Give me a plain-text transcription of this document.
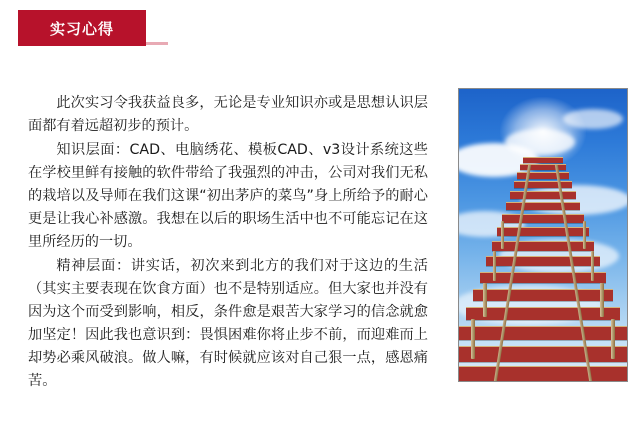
实习心得

此次实习令我获益良多，无论是专业知识亦或是思想认识层面都有着远超初步的预计。

知识层面：CAD、电脑绣花、模板CAD、v3设计系统这些在学校里鲜有接触的软件带给了我强烈的冲击，公司对我们无私的栽培以及导师在我们这课“初出茅庐的菜鸟”身上所给予的耐心更是让我心补感激。我想在以后的职场生活中也不可能忘记在这里所经历的一切。

精神层面：讲实话，初次来到北方的我们对于这边的生活（其实主要表现在饮食方面）也不是特别适应。但大家也并没有因为这个而受到影响，相反，条件愈是艰苦大家学习的信念就愈加坚定！因此我也意识到：畏惧困难你将止步不前，而迎难而上却势必乘风破浪。做人嘛，有时候就应该对自己狠一点，感恩痛苦。
